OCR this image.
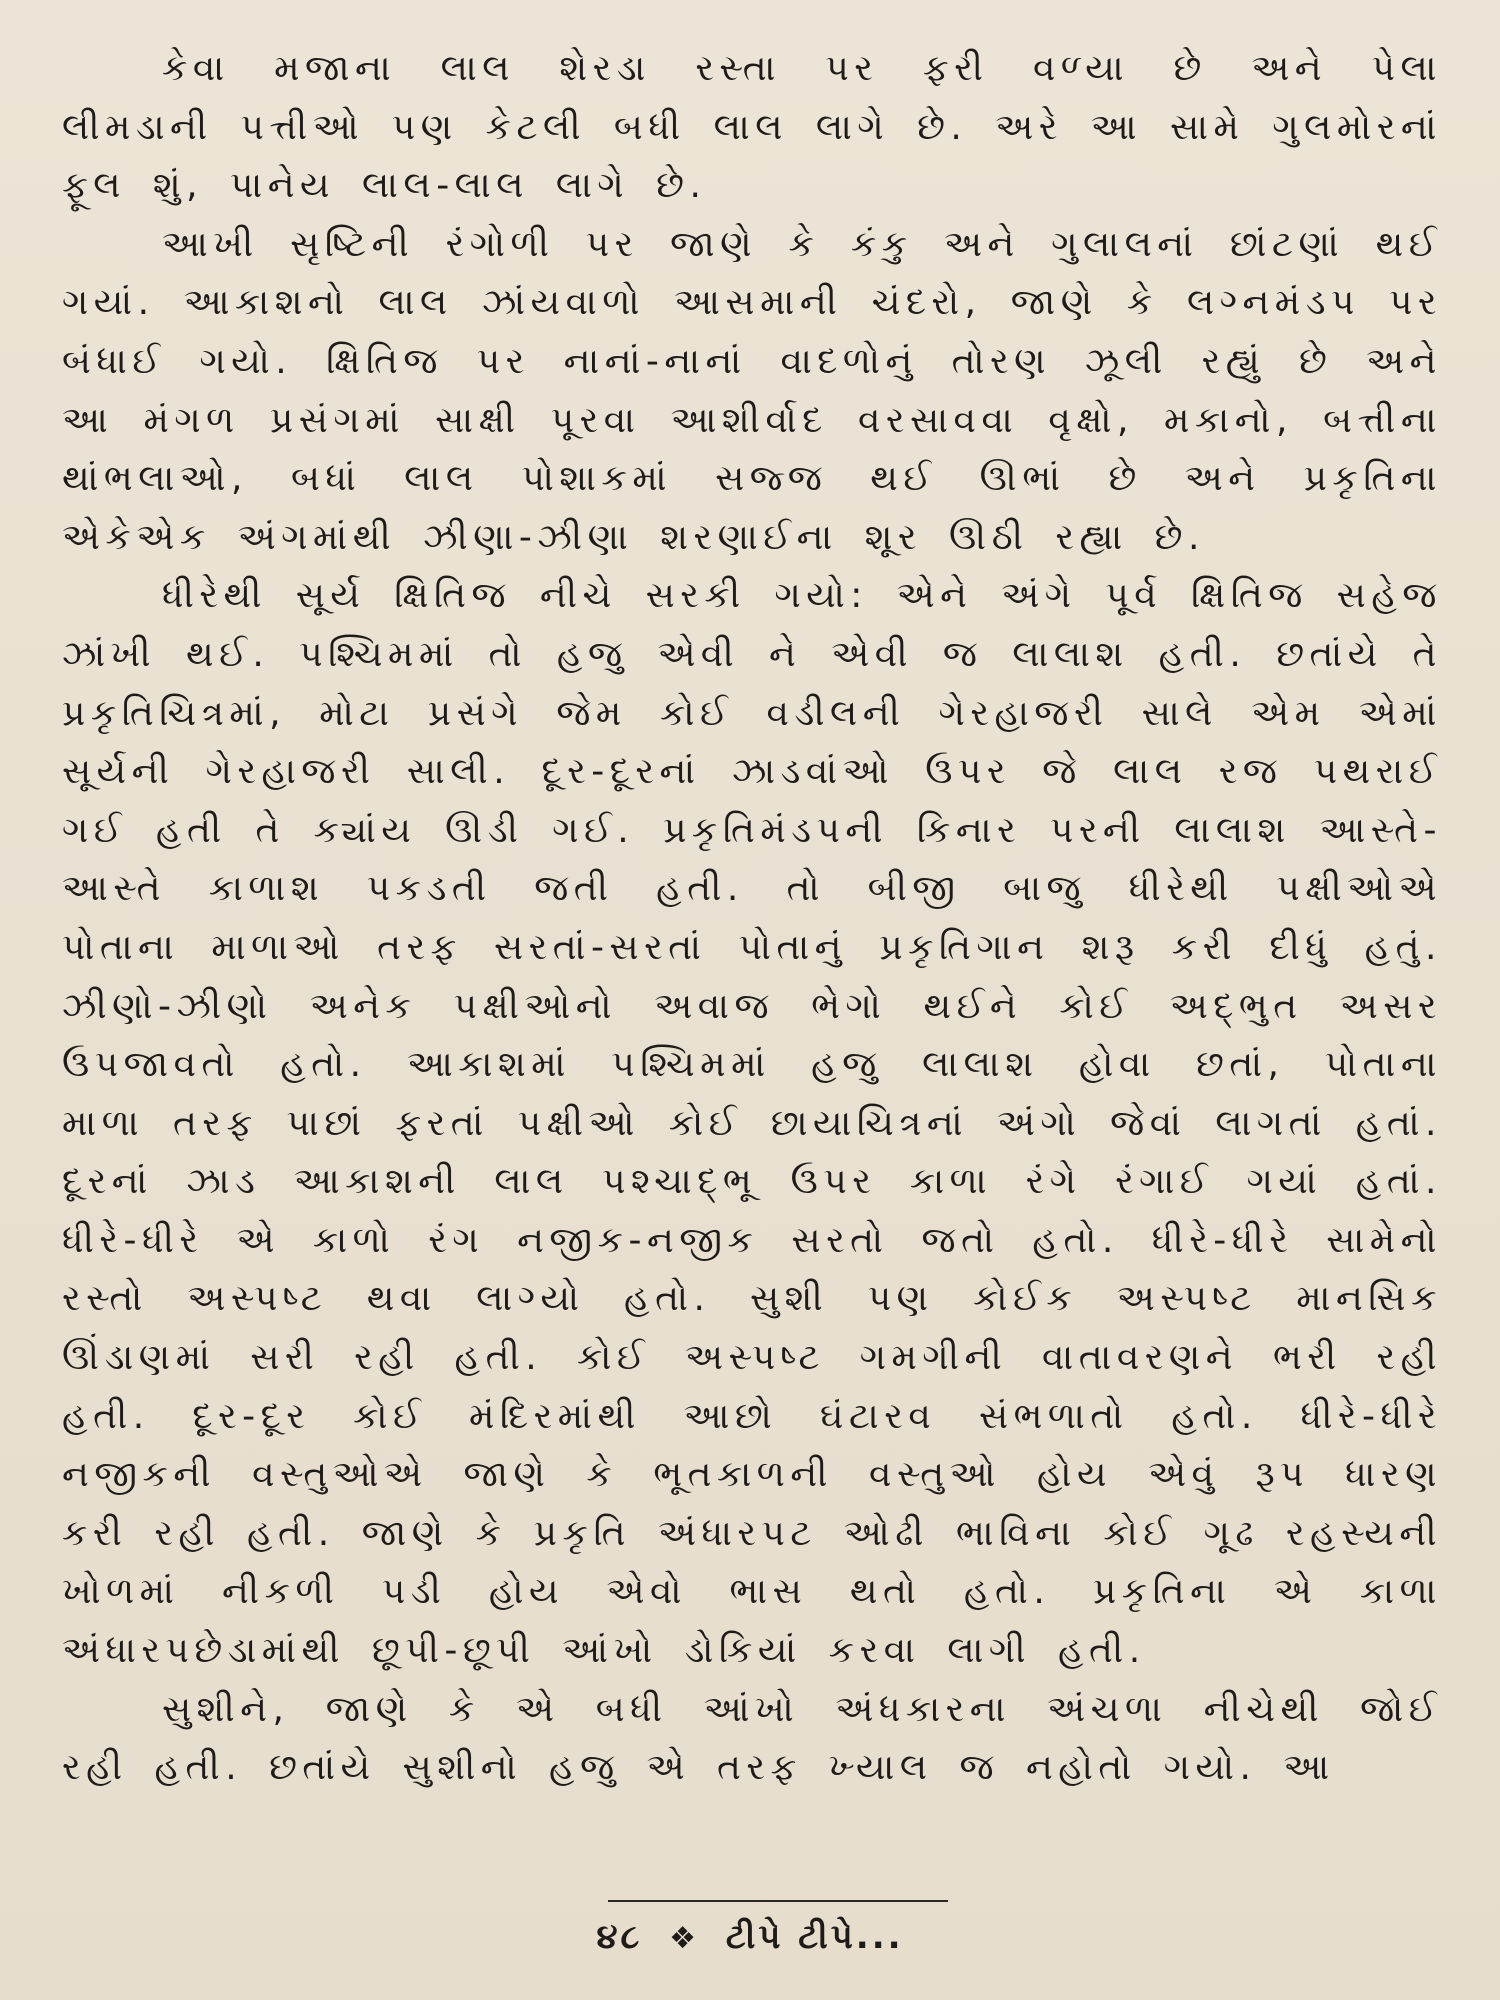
કેવા મજાના લાલ શેરડા રસ્તા પર ફરી વળ્યા છે અને પેલા લીમડાની પત્તીઓ પણ કેટલી બધી લાલ લાગે છે. અરે આ સામે ગુલમોરનાં ફૂલ શું, પાનેય લાલ-લાલ લાગે છે.

આખી સૃષ્ટિની રંગોળી પર જાણે કે કંકુ અને ગુલાલનાં છાંટણાં થઈ ગયાં. આકાશનો લાલ ઝાંયવાળો આસમાની ચંદરો, જાણે કે લગ્નમંડપ પર બંધાઈ ગયો. ક્ષિતિજ પર નાનાં-નાનાં વાદળોનું તોરણ ઝૂલી રહ્યું છે અને આ મંગળ પ્રસંગમાં સાક્ષી પૂરવા આશીર્વાદ વરસાવવા વૃક્ષો, મકાનો, બત્તીના થાંભલાઓ, બધાં લાલ પોશાકમાં સજ્જ થઈ ઊભાં છે અને પ્રકૃતિના એકેએક અંગમાંથી ઝીણા-ઝીણા શરણાઈના શૂર ઊઠી રહ્યા છે.

ધીરેથી સૂર્ય ક્ષિતિજ નીચે સરકી ગયો: એને અંગે પૂર્વ ક્ષિતિજ સહેજ ઝાંખી થઈ. પશ્ચિમમાં તો હજુ એવી ને એવી જ લાલાશ હતી. છતાંયે તે પ્રકૃતિચિત્રમાં, મોટા પ્રસંગે જેમ કોઈ વડીલની ગેરહાજરી સાલે એમ એમાં સૂર્યની ગેરહાજરી સાલી. દૂર-દૂરનાં ઝાડવાંઓ ઉપર જે લાલ રજ પથરાઈ ગઈ હતી તે ક્યાંય ઊડી ગઈ. પ્રકૃતિમંડપની કિનાર પરની લાલાશ આસ્તે-આસ્તે કાળાશ પકડતી જતી હતી. તો બીજી બાજુ ધીરેથી પક્ષીઓએ પોતાના માળાઓ તરફ સરતાં-સરતાં પોતાનું પ્રકૃતિગાન શરૂ કરી દીધું હતું. ઝીણો-ઝીણો અનેક પક્ષીઓનો અવાજ ભેગો થઈને કોઈ અદ્ભુત અસર ઉપજાવતો હતો. આકાશમાં પશ્ચિમમાં હજુ લાલાશ હોવા છતાં, પોતાના માળા તરફ પાછાં ફરતાં પક્ષીઓ કોઈ છાયાચિત્રનાં અંગો જેવાં લાગતાં હતાં. દૂરનાં ઝાડ આકાશની લાલ પશ્ચાદ્ભૂ ઉપર કાળા રંગે રંગાઈ ગયાં હતાં. ધીરે-ધીરે એ કાળો રંગ નજીક-નજીક સરતો જતો હતો. ધીરે-ધીરે સામેનો રસ્તો અસ્પષ્ટ થવા લાગ્યો હતો. સુશી પણ કોઈક અસ્પષ્ટ માનસિક ઊંડાણમાં સરી રહી હતી. કોઈ અસ્પષ્ટ ગમગીની વાતાવરણને ભરી રહી હતી. દૂર-દૂર કોઈ મંદિરમાંથી આછો ઘંટારવ સંભળાતો હતો. ધીરે-ધીરે નજીકની વસ્તુઓએ જાણે કે ભૂતકાળની વસ્તુઓ હોય એવું રૂપ ધારણ કરી રહી હતી. જાણે કે પ્રકૃતિ અંધારપટ ઓઢી ભાવિના કોઈ ગૂઢ રહસ્યની ખોળમાં નીકળી પડી હોય એવો ભાસ થતો હતો. પ્રકૃતિના એ કાળા અંધારપછેડામાંથી છૂપી-છૂપી આંખો ડોકિયાં કરવા લાગી હતી.

સુશીને, જાણે કે એ બધી આંખો અંધકારના અંચળા નીચેથી જોઈ રહી હતી. છતાંયે સુશીનો હજુ એ તરફ ખ્યાલ જ નહોતો ગયો. આ

૪૮ ❖ ટીપે ટીપે...
